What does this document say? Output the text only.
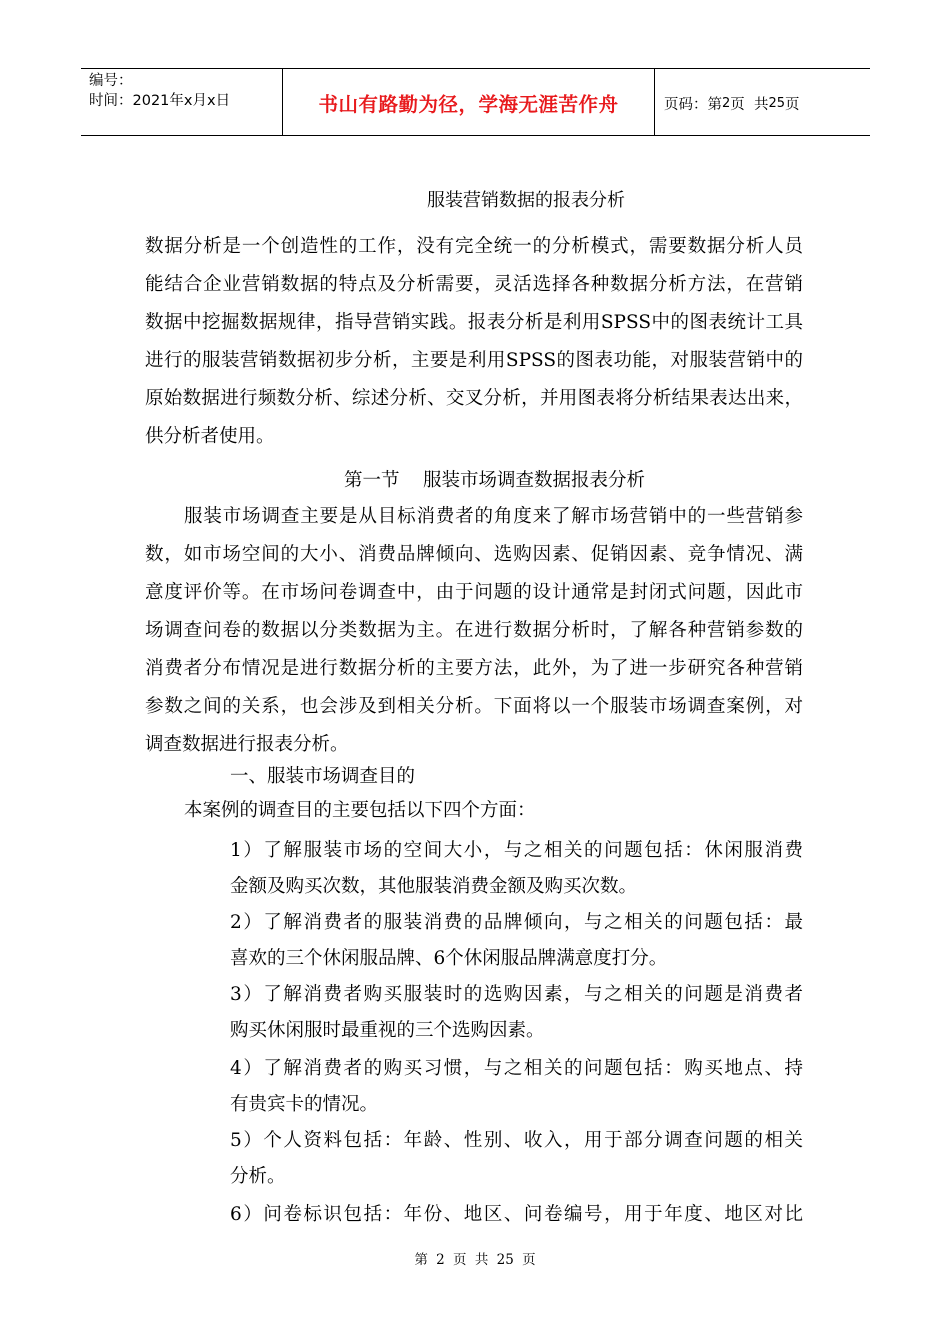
编号：
时间：2021年x月x日	书山有路勤为径，学海无涯苦作舟	页码：第 2 页  共 25 页
服装营销数据的报表分析
数据分析是一个创造性的工作，没有完全统一的分析模式，需要数据分析人员
能结合企业营销数据的特点及分析需要，灵活选择各种数据分析方法，在营销
数据中挖掘数据规律，指导营销实践。报表分析是利用SPSS中的图表统计工具
进行的服装营销数据初步分析，主要是利用SPSS的图表功能，对服装营销中的
原始数据进行频数分析、综述分析、交叉分析，并用图表将分析结果表达出来，
供分析者使用。
第一节    服装市场调查数据报表分析
服装市场调查主要是从目标消费者的角度来了解市场营销中的一些营销参
数，如市场空间的大小、消费品牌倾向、选购因素、促销因素、竞争情况、满
意度评价等。在市场问卷调查中，由于问题的设计通常是封闭式问题，因此市
场调查问卷的数据以分类数据为主。在进行数据分析时，了解各种营销参数的
消费者分布情况是进行数据分析的主要方法，此外，为了进一步研究各种营销
参数之间的关系，也会涉及到相关分析。下面将以一个服装市场调查案例，对
调查数据进行报表分析。
一、服装市场调查目的
本案例的调查目的主要包括以下四个方面：
1）了解服装市场的空间大小，与之相关的问题包括：休闲服消费
金额及购买次数，其他服装消费金额及购买次数。
2）了解消费者的服装消费的品牌倾向，与之相关的问题包括：最
喜欢的三个休闲服品牌、6个休闲服品牌满意度打分。
3）了解消费者购买服装时的选购因素，与之相关的问题是消费者
购买休闲服时最重视的三个选购因素。
4）了解消费者的购买习惯，与之相关的问题包括：购买地点、持
有贵宾卡的情况。
5）个人资料包括：年龄、性别、收入，用于部分调查问题的相关
分析。
6）问卷标识包括：年份、地区、问卷编号，用于年度、地区对比
第 2 页 共 25 页
